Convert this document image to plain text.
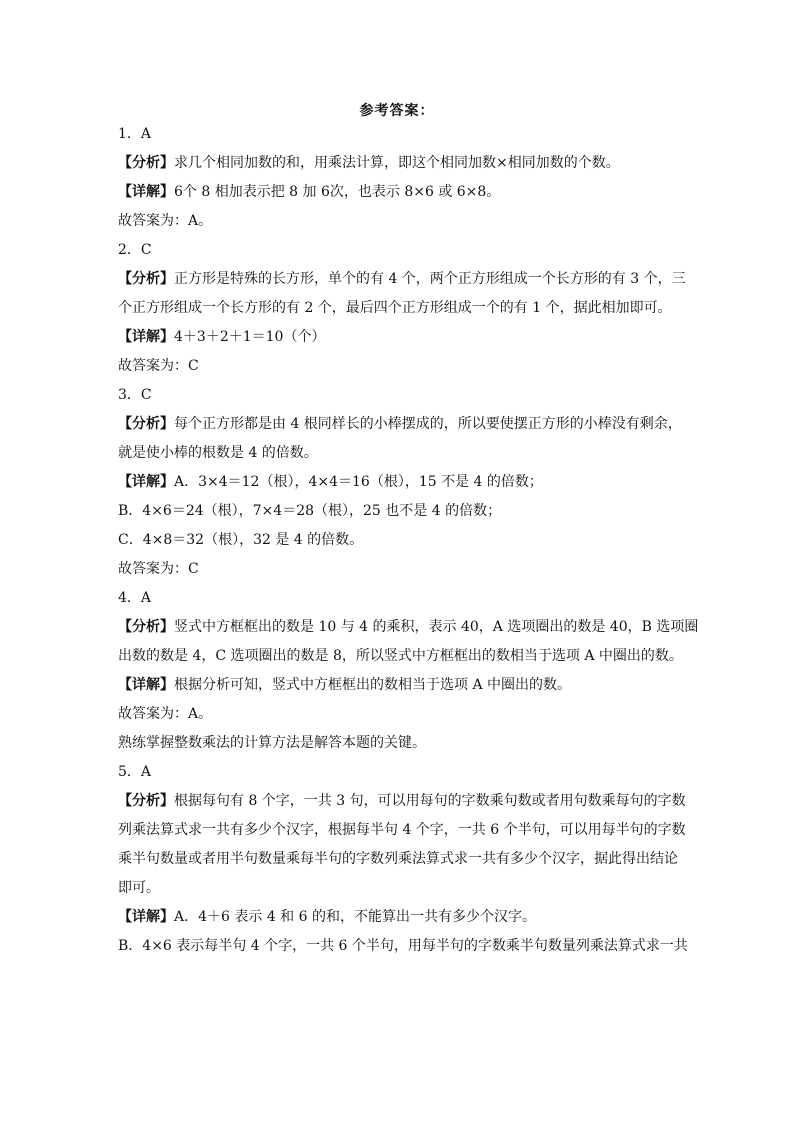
参考答案：

1．A

【分析】求几个相同加数的和，用乘法计算，即这个相同加数×相同加数的个数。

【详解】6个 8 相加表示把 8 加 6次，也表示 8×6 或 6×8。

故答案为：A。

2．C

【分析】正方形是特殊的长方形，单个的有 4 个，两个正方形组成一个长方形的有 3 个，三

个正方形组成一个长方形的有 2 个，最后四个正方形组成一个的有 1 个，据此相加即可。

【详解】4＋3＋2＋1＝10（个）

故答案为：C

3．C

【分析】每个正方形都是由 4 根同样长的小棒摆成的，所以要使摆正方形的小棒没有剩余，

就是使小棒的根数是 4 的倍数。

【详解】A．3×4＝12（根），4×4＝16（根），15 不是 4 的倍数；

B．4×6＝24（根），7×4＝28（根），25 也不是 4 的倍数；

C．4×8＝32（根），32 是 4 的倍数。

故答案为：C

4．A

【分析】竖式中方框框出的数是 10 与 4 的乘积，表示 40，A 选项圈出的数是 40，B 选项圈

出数的数是 4，C 选项圈出的数是 8，所以竖式中方框框出的数相当于选项 A 中圈出的数。

【详解】根据分析可知，竖式中方框框出的数相当于选项 A 中圈出的数。

故答案为：A。

熟练掌握整数乘法的计算方法是解答本题的关键。

5．A

【分析】根据每句有 8 个字，一共 3 句，可以用每句的字数乘句数或者用句数乘每句的字数

列乘法算式求一共有多少个汉字，根据每半句 4 个字，一共 6 个半句，可以用每半句的字数

乘半句数量或者用半句数量乘每半句的字数列乘法算式求一共有多少个汉字，据此得出结论

即可。

【详解】A．4＋6 表示 4 和 6 的和，不能算出一共有多少个汉字。

B．4×6 表示每半句 4 个字，一共 6 个半句，用每半句的字数乘半句数量列乘法算式求一共
